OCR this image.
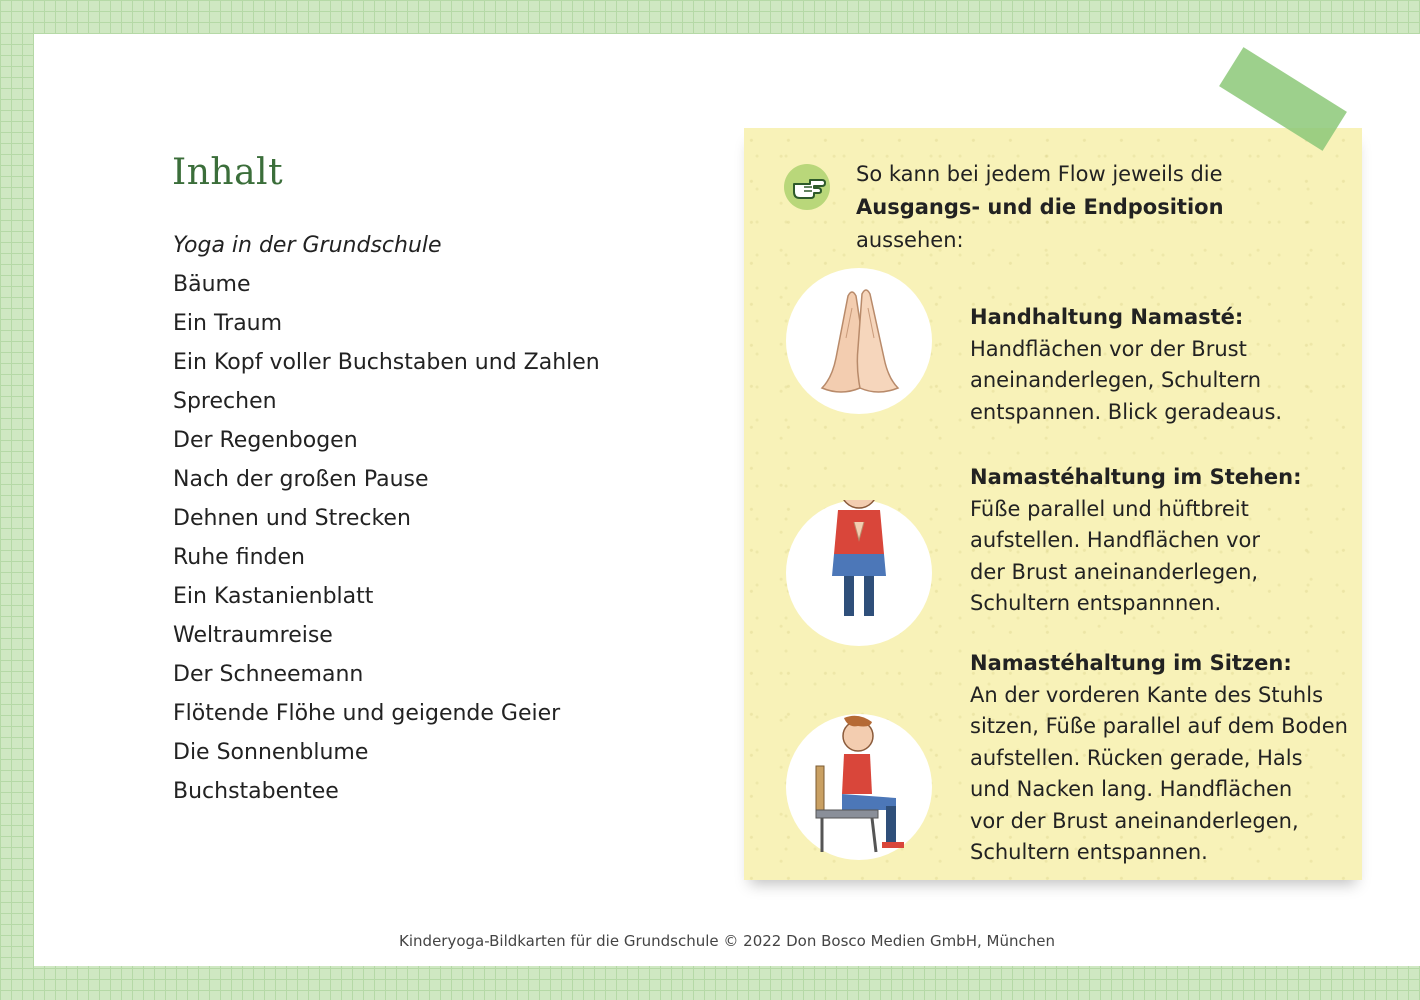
Inhalt
Yoga in der Grundschule
Bäume
Ein Traum
Ein Kopf voller Buchstaben und Zahlen
Sprechen
Der Regenbogen
Nach der großen Pause
Dehnen und Strecken
Ruhe finden
Ein Kastanienblatt
Weltraumreise
Der Schneemann
Flötende Flöhe und geigende Geier
Die Sonnenblume
Buchstabentee
So kann bei jedem Flow jeweils die
Ausgangs- und die Endposition aussehen:
Handhaltung Namasté:
Handflächen vor der Brust
aneinanderlegen, Schultern
entspannen. Blick geradeaus.
Namastéhaltung im Stehen:
Füße parallel und hüftbreit
aufstellen. Handflächen vor
der Brust aneinanderlegen,
Schultern entspannnen.
Namastéhaltung im Sitzen:
An der vorderen Kante des Stuhls
sitzen, Füße parallel auf dem Boden
aufstellen. Rücken gerade, Hals
und Nacken lang. Handflächen
vor der Brust aneinanderlegen,
Schultern entspannen.
Kinderyoga-Bildkarten für die Grundschule © 2022 Don Bosco Medien GmbH, München
